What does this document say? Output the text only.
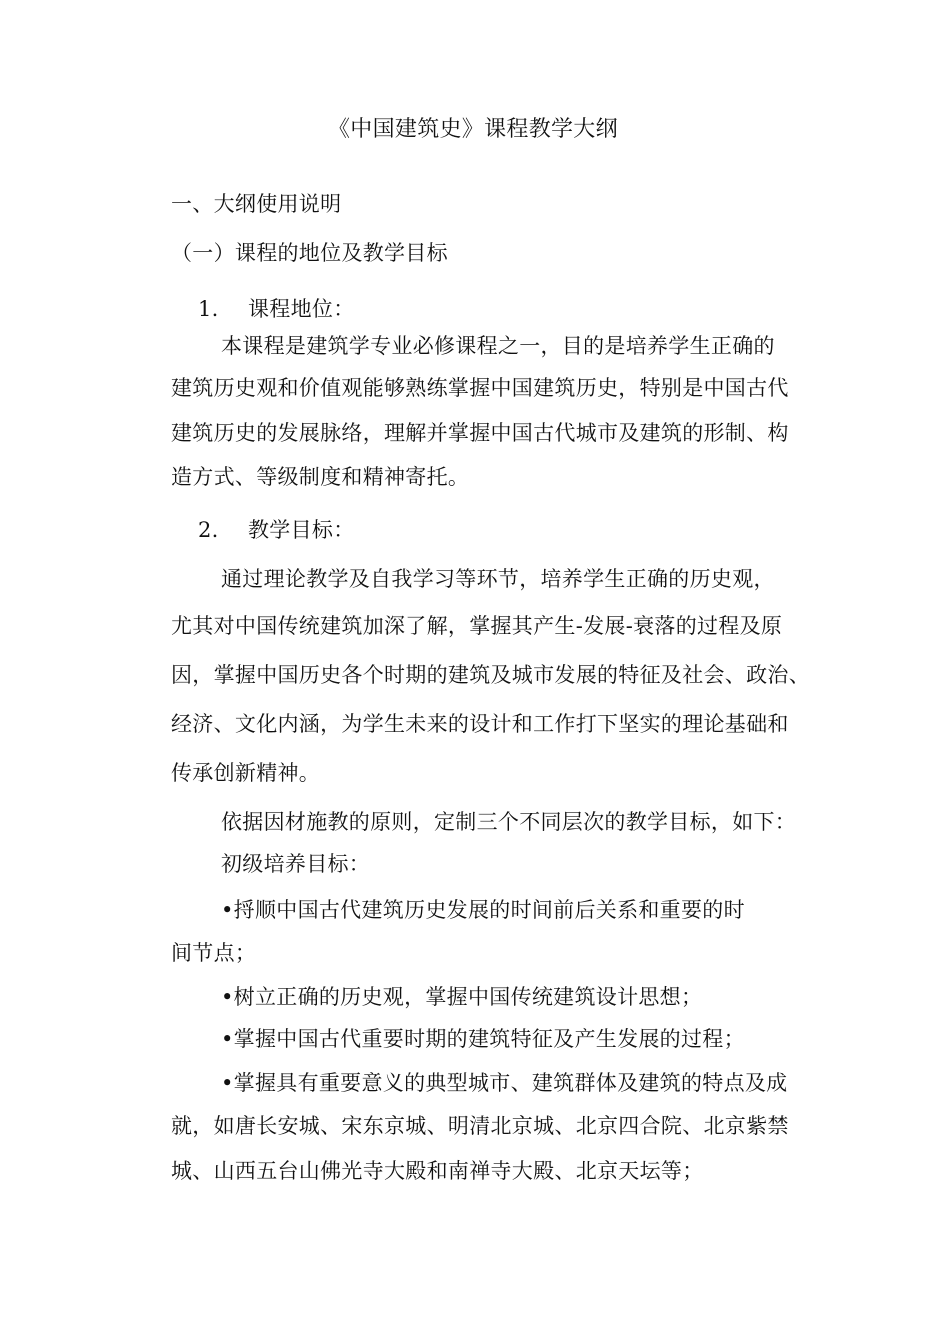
《中国建筑史》课程教学大纲
一、大纲使用说明
（一）课程的地位及教学目标
1. 课程地位：
本课程是建筑学专业必修课程之一，目的是培养学生正确的
建筑历史观和价值观能够熟练掌握中国建筑历史，特别是中国古代
建筑历史的发展脉络，理解并掌握中国古代城市及建筑的形制、构
造方式、等级制度和精神寄托。
2. 教学目标：
通过理论教学及自我学习等环节，培养学生正确的历史观，
尤其对中国传统建筑加深了解，掌握其产生-发展-衰落的过程及原
因，掌握中国历史各个时期的建筑及城市发展的特征及社会、政治、
经济、文化内涵，为学生未来的设计和工作打下坚实的理论基础和
传承创新精神。
依据因材施教的原则，定制三个不同层次的教学目标，如下：
初级培养目标：
•捋顺中国古代建筑历史发展的时间前后关系和重要的时
间节点；
•树立正确的历史观，掌握中国传统建筑设计思想；
•掌握中国古代重要时期的建筑特征及产生发展的过程；
•掌握具有重要意义的典型城市、建筑群体及建筑的特点及成
就，如唐长安城、宋东京城、明清北京城、北京四合院、北京紫禁
城、山西五台山佛光寺大殿和南禅寺大殿、北京天坛等；
